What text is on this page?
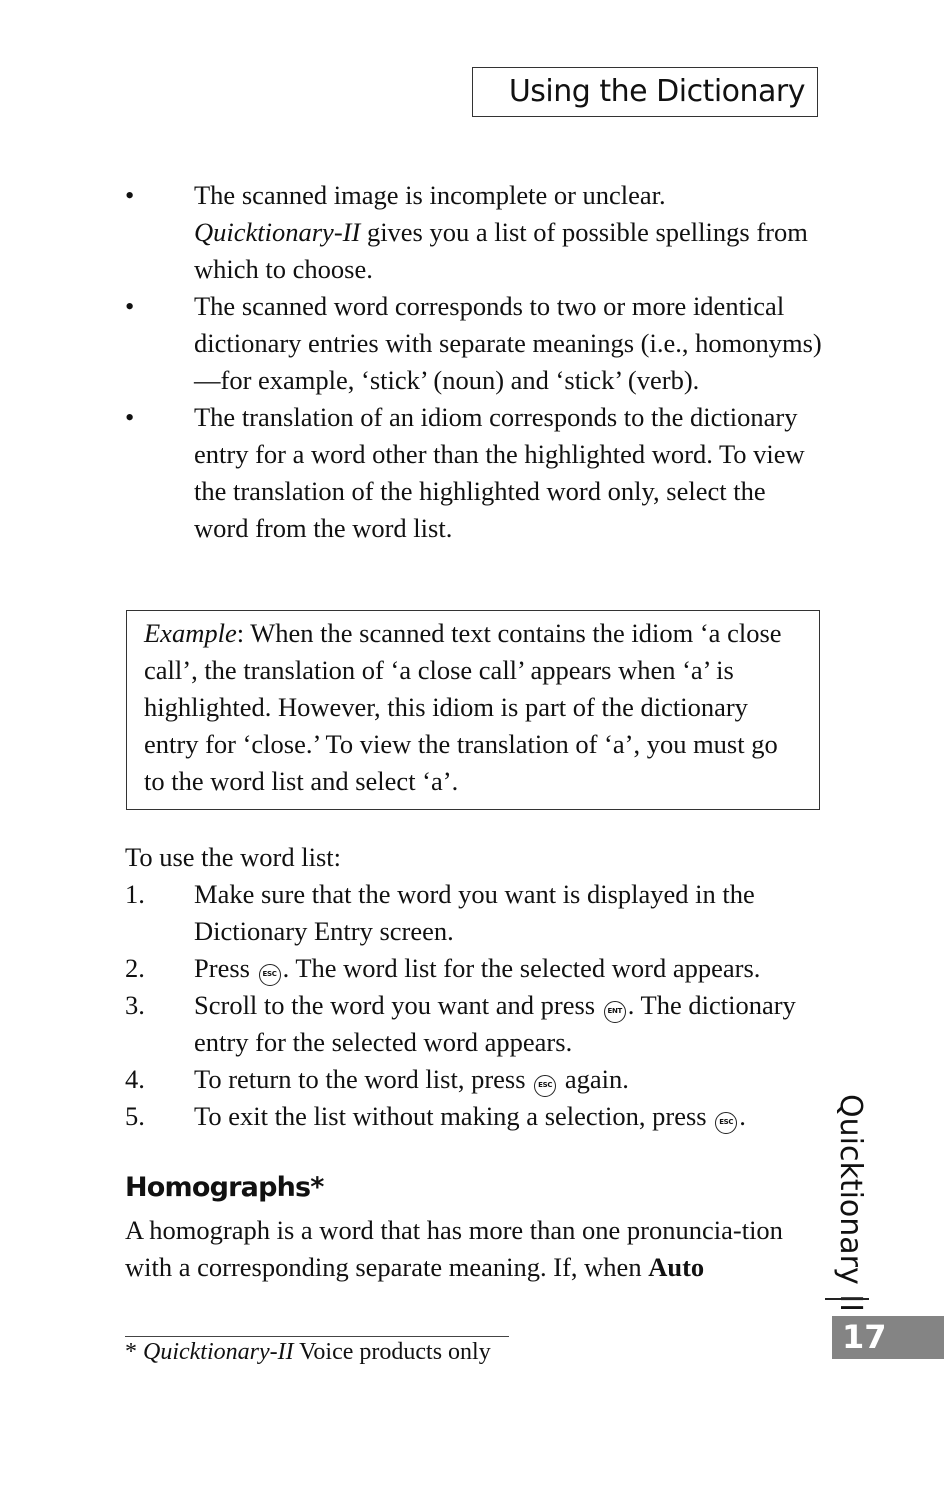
Using the Dictionary
• The scanned image is incomplete or unclear.
Quicktionary-II gives you a list of possible spellings from which to choose.
• The scanned word corresponds to two or more identical dictionary entries with separate meanings (i.e., homonyms)—for example, ‘stick’ (noun) and ‘stick’ (verb).
• The translation of an idiom corresponds to the dictionary entry for a word other than the highlighted word. To view the translation of the highlighted word only, select the word from the word list.
Example: When the scanned text contains the idiom ‘a close call’, the translation of ‘a close call’ appears when ‘a’ is highlighted. However, this idiom is part of the dictionary entry for ‘close.’ To view the translation of ‘a’, you must go to the word list and select ‘a’.
To use the word list:
1. Make sure that the word you want is displayed in the Dictionary Entry screen.
2. Press ESC . The word list for the selected word appears.
3. Scroll to the word you want and press ENT . The dictionary entry for the selected word appears.
4. To return to the word list, press ESC again.
5. To exit the list without making a selection, press ESC .
Homographs*
A homograph is a word that has more than one pronuncia-tion with a corresponding separate meaning. If, when Auto
* Quicktionary-II Voice products only
Quicktionary II
17
